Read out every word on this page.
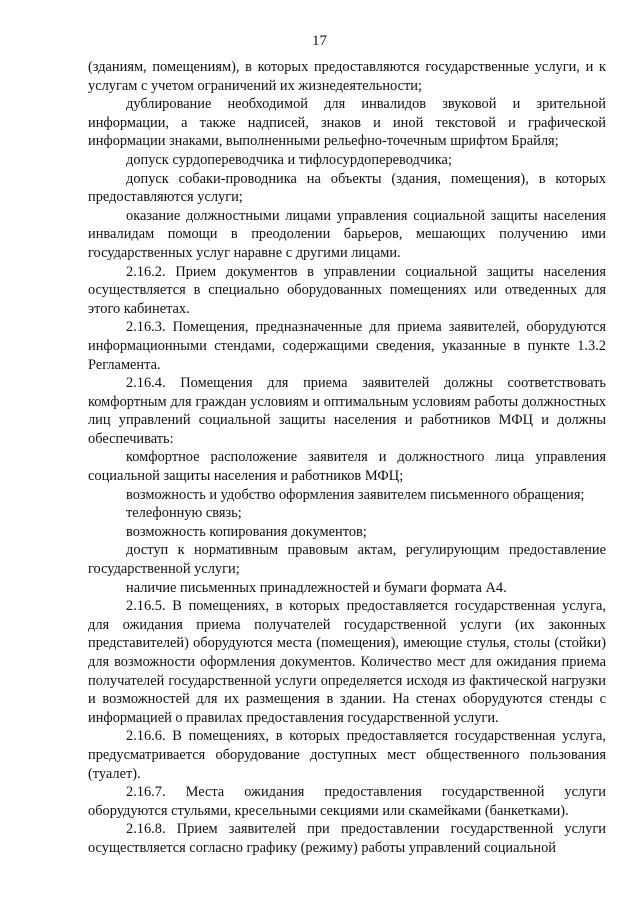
17

(зданиям, помещениям), в которых предоставляются государственные услуги, и к услугам с учетом ограничений их жизнедеятельности;

дублирование необходимой для инвалидов звуковой и зрительной информации, а также надписей, знаков и иной текстовой и графической информации знаками, выполненными рельефно-точечным шрифтом Брайля;

допуск сурдопереводчика и тифлосурдопереводчика;

допуск собаки-проводника на объекты (здания, помещения), в которых предоставляются услуги;

оказание должностными лицами управления социальной защиты населения инвалидам помощи в преодолении барьеров, мешающих получению ими государственных услуг наравне с другими лицами.

2.16.2. Прием документов в управлении социальной защиты населения осуществляется в специально оборудованных помещениях или отведенных для этого кабинетах.

2.16.3. Помещения, предназначенные для приема заявителей, оборудуются информационными стендами, содержащими сведения, указанные в пункте 1.3.2 Регламента.

2.16.4. Помещения для приема заявителей должны соответствовать комфортным для граждан условиям и оптимальным условиям работы должностных лиц управлений социальной защиты населения и работников МФЦ и должны обеспечивать:

комфортное расположение заявителя и должностного лица управления социальной защиты населения и работников МФЦ;

возможность и удобство оформления заявителем письменного обращения;

телефонную связь;

возможность копирования документов;

доступ к нормативным правовым актам, регулирующим предоставление государственной услуги;

наличие письменных принадлежностей и бумаги формата А4.

2.16.5. В помещениях, в которых предоставляется государственная услуга, для ожидания приема получателей государственной услуги (их законных представителей) оборудуются места (помещения), имеющие стулья, столы (стойки) для возможности оформления документов. Количество мест для ожидания приема получателей государственной услуги определяется исходя из фактической нагрузки и возможностей для их размещения в здании. На стенах оборудуются стенды с информацией о правилах предоставления государственной услуги.

2.16.6. В помещениях, в которых предоставляется государственная услуга, предусматривается оборудование доступных мест общественного пользования (туалет).

2.16.7. Места ожидания предоставления государственной услуги оборудуются стульями, кресельными секциями или скамейками (банкетками).

2.16.8. Прием заявителей при предоставлении государственной услуги осуществляется согласно графику (режиму) работы управлений социальной
